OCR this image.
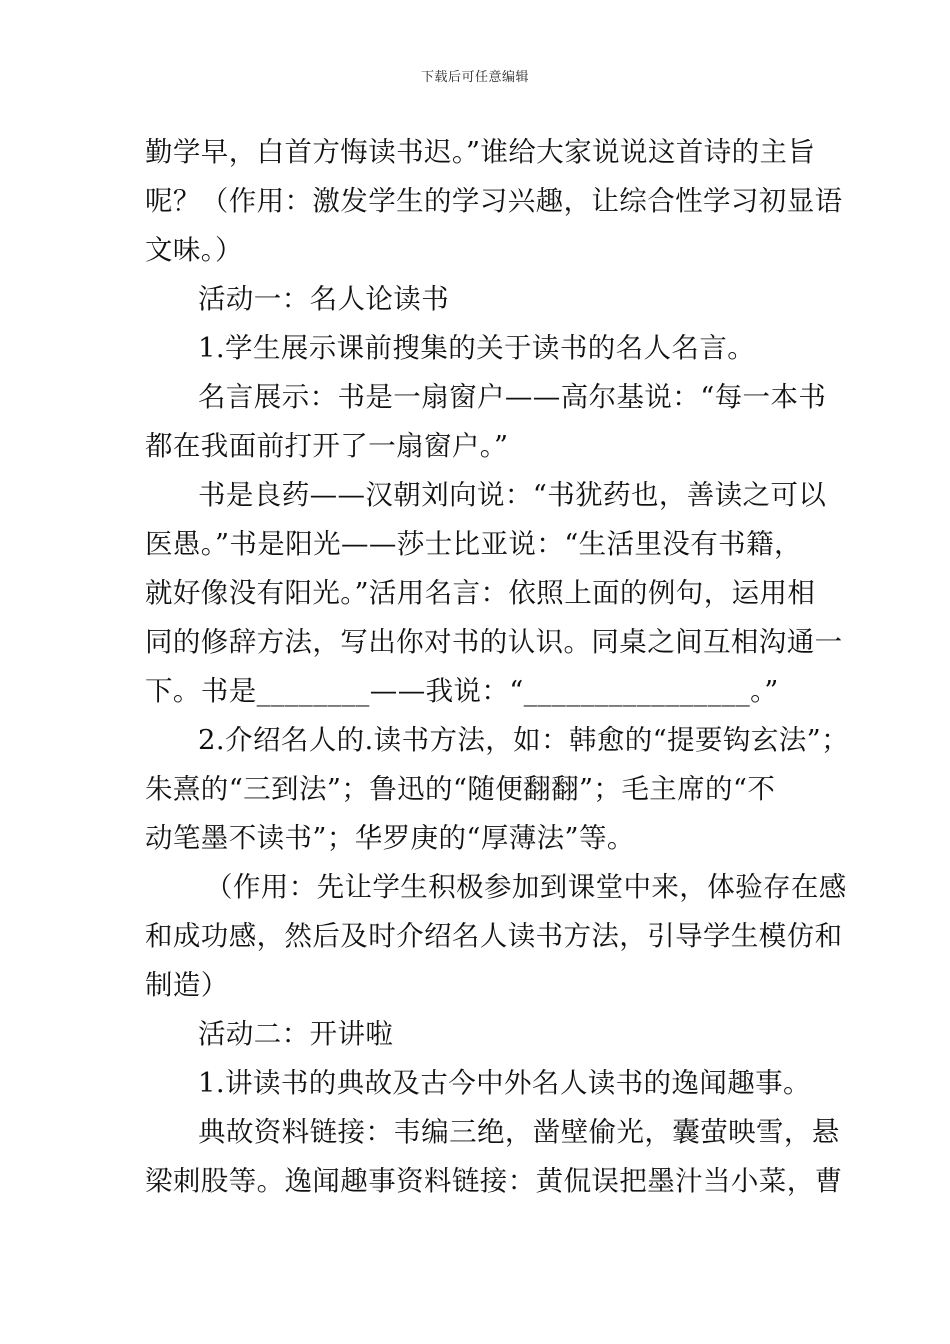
下载后可任意编辑
勤学早，白首方悔读书迟。”谁给大家说说这首诗的主旨
呢？（作用：激发学生的学习兴趣，让综合性学习初显语
文味。）
活动一：名人论读书
1.学生展示课前搜集的关于读书的名人名言。
名言展示：书是一扇窗户——高尔基说：“每一本书
都在我面前打开了一扇窗户。”
书是良药——汉朝刘向说：“书犹药也，善读之可以
医愚。”书是阳光——莎士比亚说：“生活里没有书籍，
就好像没有阳光。”活用名言：依照上面的例句，运用相
同的修辞方法，写出你对书的认识。同桌之间互相沟通一
下。书是________——我说：“________________。”
2.介绍名人的.读书方法，如：韩愈的“提要钩玄法”；
朱熹的“三到法”；鲁迅的“随便翻翻”；毛主席的“不
动笔墨不读书”；华罗庚的“厚薄法”等。
（作用：先让学生积极参加到课堂中来，体验存在感
和成功感，然后及时介绍名人读书方法，引导学生模仿和
制造）
活动二：开讲啦
1.讲读书的典故及古今中外名人读书的逸闻趣事。
典故资料链接：韦编三绝，凿壁偷光，囊萤映雪，悬
梁刺股等。逸闻趣事资料链接：黄侃误把墨汁当小菜，曹
